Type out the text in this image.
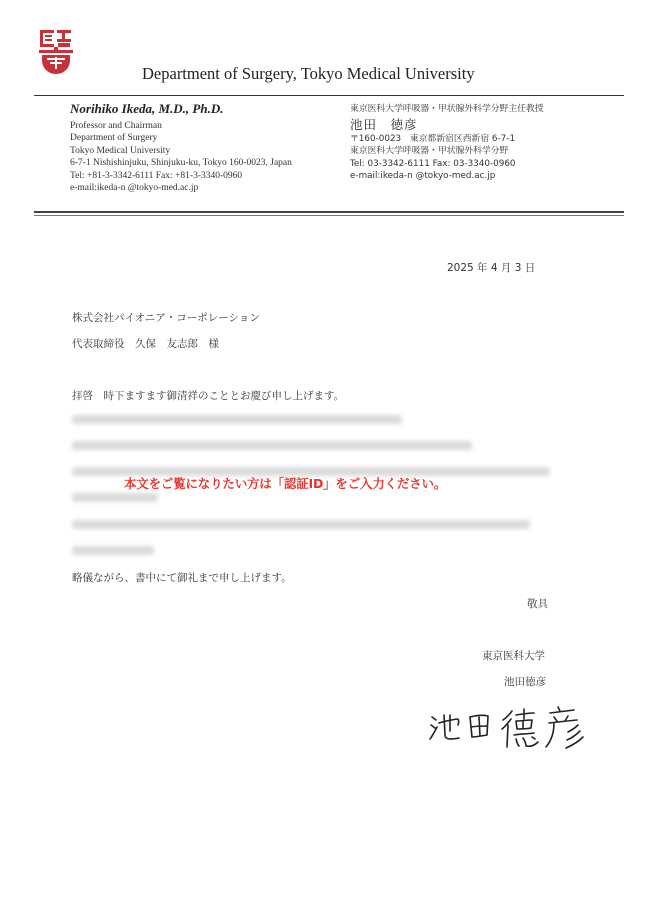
Department of Surgery, Tokyo Medical University
Norihiko Ikeda, M.D., Ph.D.
Professor and Chairman
Department of Surgery
Tokyo Medical University
6-7-1 Nishishinjuku, Shinjuku-ku, Tokyo 160-0023, Japan
Tel: +81-3-3342-6111 Fax: +81-3-3340-0960
e-mail:ikeda-n @tokyo-med.ac.jp
東京医科大学呼吸器・甲状腺外科学分野主任教授
池田　徳彦
〒160-0023　東京都新宿区西新宿 6-7-1
東京医科大学呼吸器・甲状腺外科学分野
Tel: 03-3342-6111 Fax: 03-3340-0960
e-mail:ikeda-n @tokyo-med.ac.jp
2025 年 4 月 3 日
株式会社パイオニア・コーポレーション
代表取締役　久保　友志郎　様
拝啓　時下ますます御清祥のこととお慶び申し上げます。
本文をご覧になりたい方は「認証ID」をご入力ください。
略儀ながら、書中にて御礼まで申し上げます。
敬具
東京医科大学
池田徳彦
